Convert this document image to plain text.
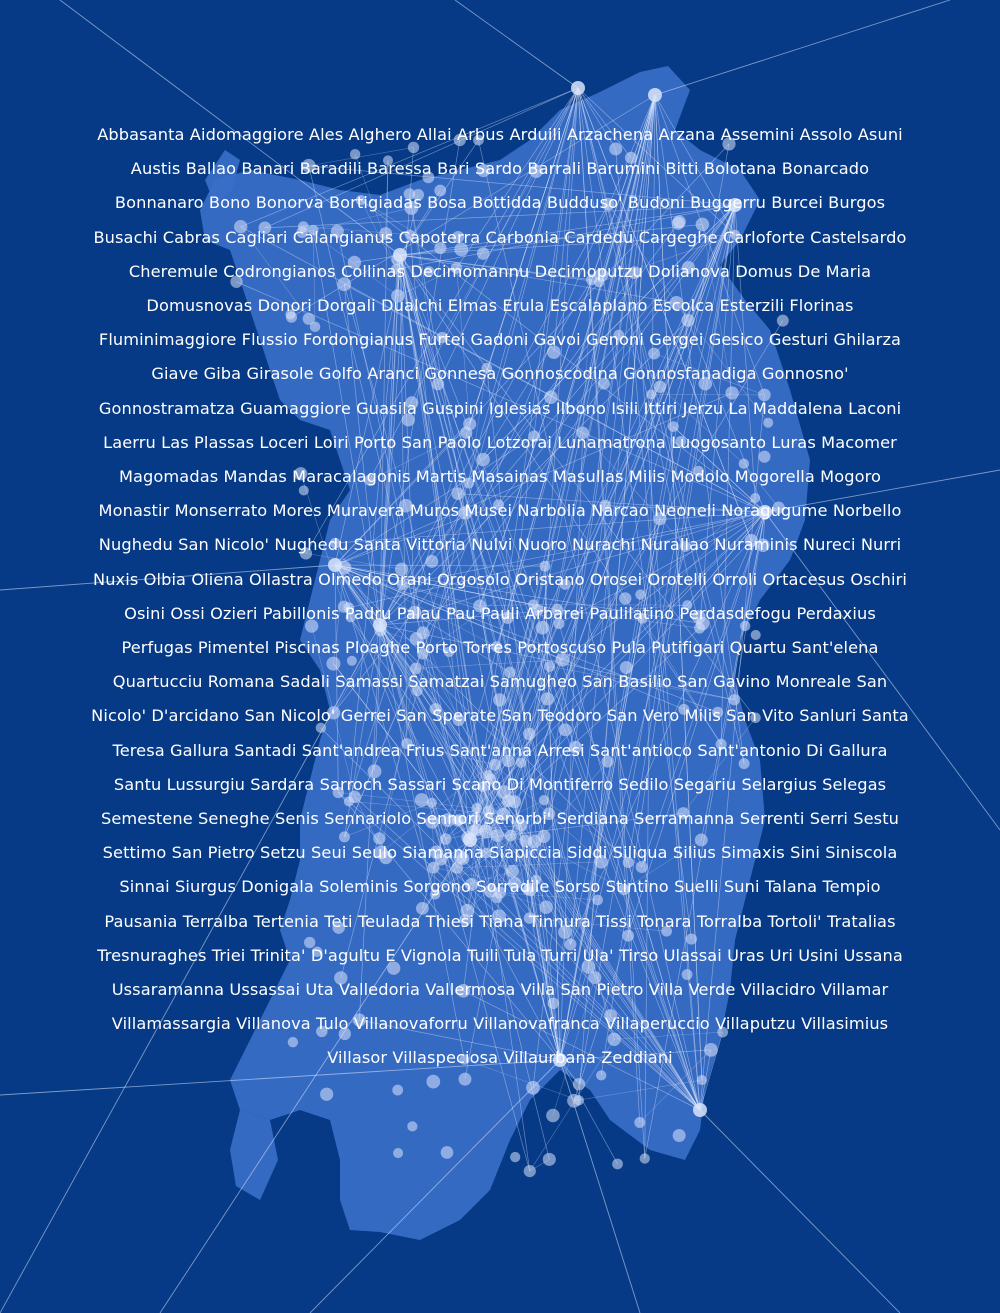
Abbasanta Aidomaggiore Ales Alghero Allai Arbus Arduili Arzachena Arzana Assemini Assolo Asuni Austis Ballao Banari Baradili Baressa Bari Sardo Barrali Barumini Bitti Bolotana Bonarcado Bonnanaro Bono Bonorva Bortigiadas Bosa Bottidda Budduso' Budoni Buggerru Burcei Burgos Busachi Cabras Cagliari Calangianus Capoterra Carbonia Cardedu Cargeghe Carloforte Castelsardo Cheremule Codrongianos Collinas Decimomannu Decimoputzu Dolianova Domus De Maria Domusnovas Donori Dorgali Dualchi Elmas Erula Escalaplano Escolca Esterzili Florinas Fluminimaggiore Flussio Fordongianus Furtei Gadoni Gavoi Genoni Gergei Gesico Gesturi Ghilarza Giave Giba Girasole Golfo Aranci Gonnesa Gonnoscodina Gonnosfanadiga Gonnosno' Gonnostramatza Guamaggiore Guasila Guspini Iglesias Ilbono Isili Ittiri Jerzu La Maddalena Laconi Laerru Las Plassas Loceri Loiri Porto San Paolo Lotzorai Lunamatrona Luogosanto Luras Macomer Magomadas Mandas Maracalagonis Martis Masainas Masullas Milis Modolo Mogorella Mogoro Monastir Monserrato Mores Muravera Muros Musei Narbolia Narcao Neoneli Noragugume Norbello Nughedu San Nicolo' Nughedu Santa Vittoria Nulvi Nuoro Nurachi Nurallao Nuraminis Nureci Nurri Nuxis Olbia Oliena Ollastra Olmedo Orani Orgosolo Oristano Orosei Orotelli Orroli Ortacesus Oschiri Osini Ossi Ozieri Pabillonis Padru Palau Pau Pauli Arbarei Paulilatino Perdasdefogu Perdaxius Perfugas Pimentel Piscinas Ploaghe Porto Torres Portoscuso Pula Putifigari Quartu Sant'elena Quartucciu Romana Sadali Samassi Samatzai Samugheo San Basilio San Gavino Monreale San Nicolo' D'arcidano San Nicolo' Gerrei San Sperate San Teodoro San Vero Milis San Vito Sanluri Santa Teresa Gallura Santadi Sant'andrea Frius Sant'anna Arresi Sant'antioco Sant'antonio Di Gallura Santu Lussurgiu Sardara Sarroch Sassari Scano Di Montiferro Sedilo Segariu Selargius Selegas Semestene Seneghe Senis Sennariolo Sennori Senorbi' Serdiana Serramanna Serrenti Serri Sestu Settimo San Pietro Setzu Seui Seulo Siamanna Siapiccia Siddi Siliqua Silius Simaxis Sini Siniscola Sinnai Siurgus Donigala Soleminis Sorgono Sorradile Sorso Stintino Suelli Suni Talana Tempio Pausania Terralba Tertenia Teti Teulada Thiesi Tiana Tinnura Tissi Tonara Torralba Tortoli' Tratalias Tresnuraghes Triei Trinita' D'agultu E Vignola Tuili Tula Turri Ula' Tirso Ulassai Uras Uri Usini Ussana Ussaramanna Ussassai Uta Valledoria Vallermosa Villa San Pietro Villa Verde Villacidro Villamar Villamassargia Villanova Tulo Villanovaforru Villanovafranca Villaperuccio Villaputzu Villasimius Villasor Villaspeciosa Villaurbana Zeddiani
